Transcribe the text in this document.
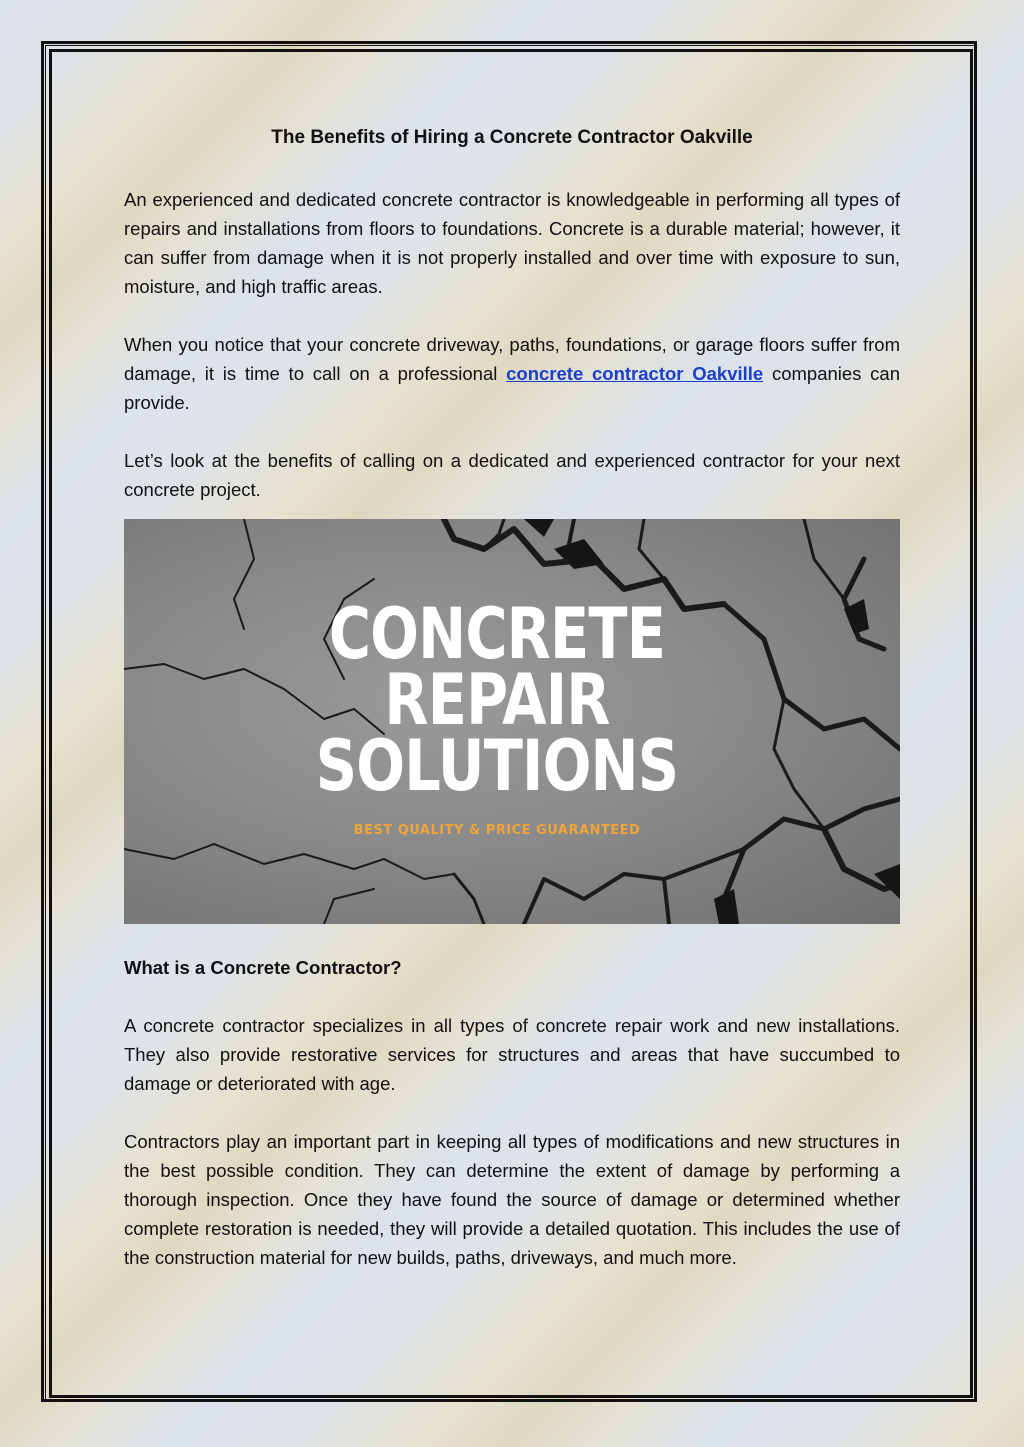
The Benefits of Hiring a Concrete Contractor Oakville

An experienced and dedicated concrete contractor is knowledgeable in performing all types of repairs and installations from floors to foundations. Concrete is a durable material; however, it can suffer from damage when it is not properly installed and over time with exposure to sun, moisture, and high traffic areas.

When you notice that your concrete driveway, paths, foundations, or garage floors suffer from damage, it is time to call on a professional concrete contractor Oakville companies can provide.

Let’s look at the benefits of calling on a dedicated and experienced contractor for your next concrete project.

CONCRETE
REPAIR
SOLUTIONS
BEST QUALITY & PRICE GUARANTEED
What is a Concrete Contractor?

A concrete contractor specializes in all types of concrete repair work and new installations. They also provide restorative services for structures and areas that have succumbed to damage or deteriorated with age.

Contractors play an important part in keeping all types of modifications and new structures in the best possible condition. They can determine the extent of damage by performing a thorough inspection. Once they have found the source of damage or determined whether complete restoration is needed, they will provide a detailed quotation. This includes the use of the construction material for new builds, paths, driveways, and much more.
